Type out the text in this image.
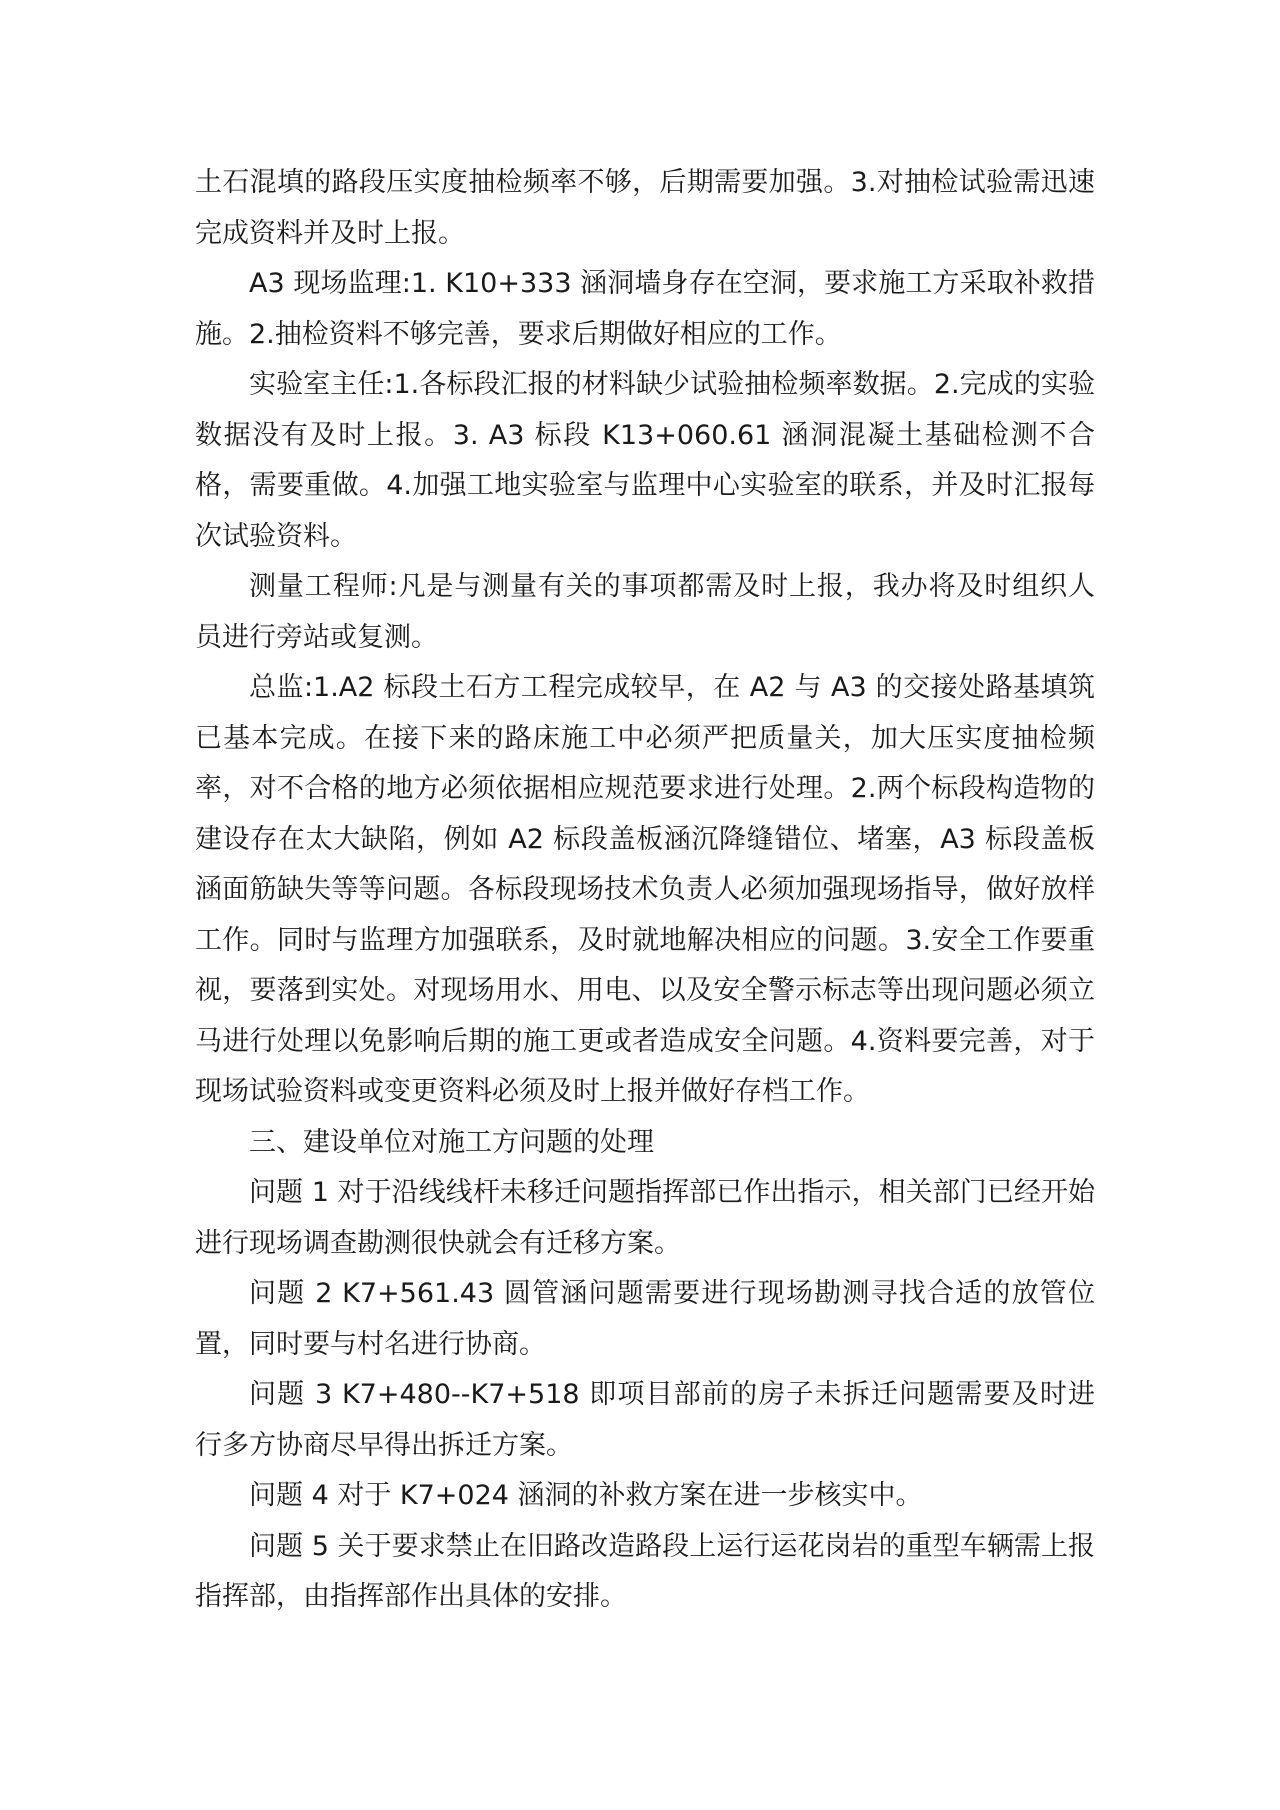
土石混填的路段压实度抽检频率不够，后期需要加强。3.对抽检试验需迅速完成资料并及时上报。

A3 现场监理:1. K10+333 涵洞墙身存在空洞，要求施工方采取补救措施。2.抽检资料不够完善，要求后期做好相应的工作。

实验室主任:1.各标段汇报的材料缺少试验抽检频率数据。2.完成的实验数据没有及时上报。3. A3 标段 K13+060.61 涵洞混凝土基础检测不合格，需要重做。4.加强工地实验室与监理中心实验室的联系，并及时汇报每次试验资料。

测量工程师:凡是与测量有关的事项都需及时上报，我办将及时组织人员进行旁站或复测。

总监:1.A2 标段土石方工程完成较早，在 A2 与 A3 的交接处路基填筑已基本完成。在接下来的路床施工中必须严把质量关，加大压实度抽检频率，对不合格的地方必须依据相应规范要求进行处理。2.两个标段构造物的建设存在太大缺陷，例如 A2 标段盖板涵沉降缝错位、堵塞，A3 标段盖板涵面筋缺失等等问题。各标段现场技术负责人必须加强现场指导，做好放样工作。同时与监理方加强联系，及时就地解决相应的问题。3.安全工作要重视，要落到实处。对现场用水、用电、以及安全警示标志等出现问题必须立马进行处理以免影响后期的施工更或者造成安全问题。4.资料要完善，对于现场试验资料或变更资料必须及时上报并做好存档工作。

三、建设单位对施工方问题的处理

问题 1 对于沿线线杆未移迁问题指挥部已作出指示，相关部门已经开始进行现场调查勘测很快就会有迁移方案。

问题 2 K7+561.43 圆管涵问题需要进行现场勘测寻找合适的放管位置，同时要与村名进行协商。

问题 3 K7+480--K7+518 即项目部前的房子未拆迁问题需要及时进行多方协商尽早得出拆迁方案。

问题 4 对于 K7+024 涵洞的补救方案在进一步核实中。

问题 5 关于要求禁止在旧路改造路段上运行运花岗岩的重型车辆需上报指挥部，由指挥部作出具体的安排。
